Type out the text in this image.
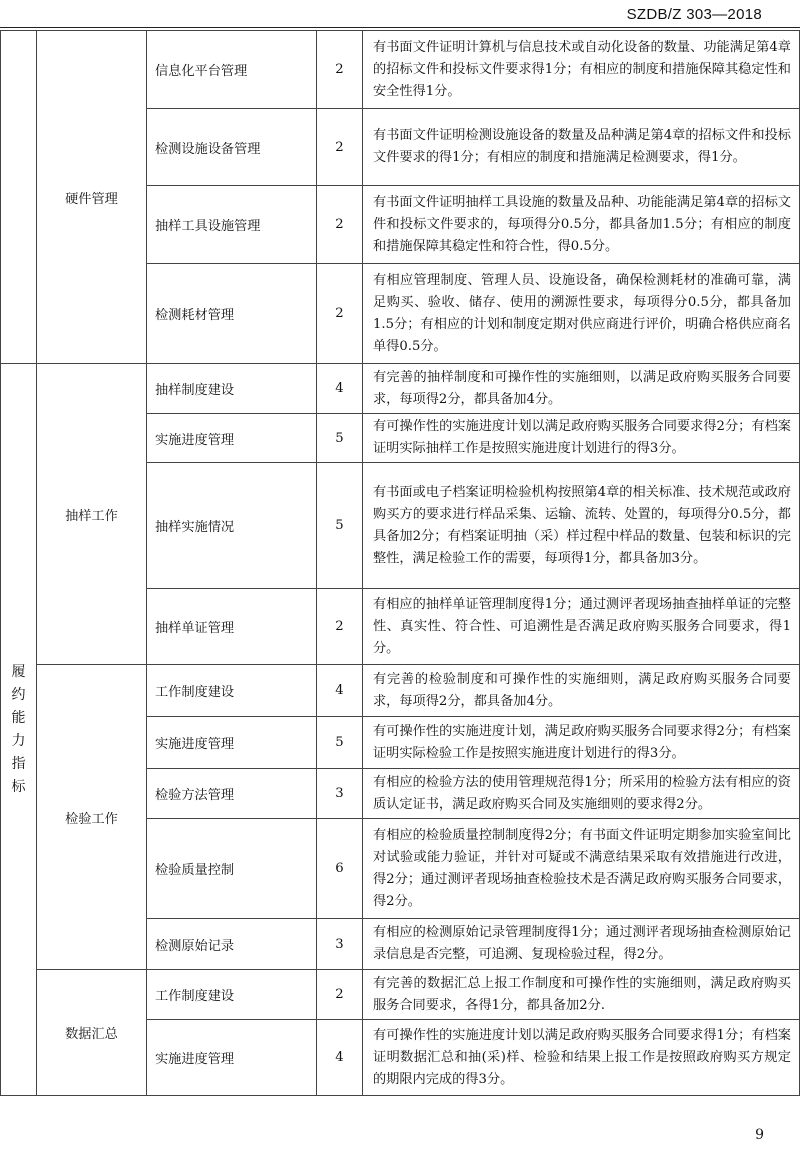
SZDB/Z 303—2018
	硬件管理	信息化平台管理	2	有书面文件证明计算机与信息技术或自动化设备的数量、功能满足第4章的招标文件和投标文件要求得1分；有相应的制度和措施保障其稳定性和安全性得1分。
		检测设施设备管理	2	有书面文件证明检测设施设备的数量及品种满足第4章的招标文件和投标文件要求的得1分；有相应的制度和措施满足检测要求，得1分。
		抽样工具设施管理	2	有书面文件证明抽样工具设施的数量及品种、功能能满足第4章的招标文件和投标文件要求的，每项得分0.5分，都具备加1.5分；有相应的制度和措施保障其稳定性和符合性，得0.5分。
		检测耗材管理	2	有相应管理制度、管理人员、设施设备，确保检测耗材的准确可靠，满足购买、验收、储存、使用的溯源性要求，每项得分0.5分，都具备加1.5分；有相应的计划和制度定期对供应商进行评价，明确合格供应商名单得0.5分。
履约能力指标	抽样工作	抽样制度建设	4	有完善的抽样制度和可操作性的实施细则，以满足政府购买服务合同要求，每项得2分，都具备加4分。
		实施进度管理	5	有可操作性的实施进度计划以满足政府购买服务合同要求得2分；有档案证明实际抽样工作是按照实施进度计划进行的得3分。
		抽样实施情况	5	有书面或电子档案证明检验机构按照第4章的相关标准、技术规范或政府购买方的要求进行样品采集、运输、流转、处置的，每项得分0.5分，都具备加2分；有档案证明抽（采）样过程中样品的数量、包装和标识的完整性，满足检验工作的需要，每项得1分，都具备加3分。
		抽样单证管理	2	有相应的抽样单证管理制度得1分；通过测评者现场抽查抽样单证的完整性、真实性、符合性、可追溯性是否满足政府购买服务合同要求，得1分。
	检验工作	工作制度建设	4	有完善的检验制度和可操作性的实施细则，满足政府购买服务合同要求，每项得2分，都具备加4分。
		实施进度管理	5	有可操作性的实施进度计划，满足政府购买服务合同要求得2分；有档案证明实际检验工作是按照实施进度计划进行的得3分。
		检验方法管理	3	有相应的检验方法的使用管理规范得1分；所采用的检验方法有相应的资质认定证书，满足政府购买合同及实施细则的要求得2分。
		检验质量控制	6	有相应的检验质量控制制度得2分；有书面文件证明定期参加实验室间比对试验或能力验证，并针对可疑或不满意结果采取有效措施进行改进，得2分；通过测评者现场抽查检验技术是否满足政府购买服务合同要求，得2分。
		检测原始记录	3	有相应的检测原始记录管理制度得1分；通过测评者现场抽查检测原始记录信息是否完整，可追溯、复现检验过程，得2分。
	数据汇总	工作制度建设	2	有完善的数据汇总上报工作制度和可操作性的实施细则，满足政府购买服务合同要求，各得1分，都具备加2分.
		实施进度管理	4	有可操作性的实施进度计划以满足政府购买服务合同要求得1分；有档案证明数据汇总和抽(采)样、检验和结果上报工作是按照政府购买方规定的期限内完成的得3分。
9
